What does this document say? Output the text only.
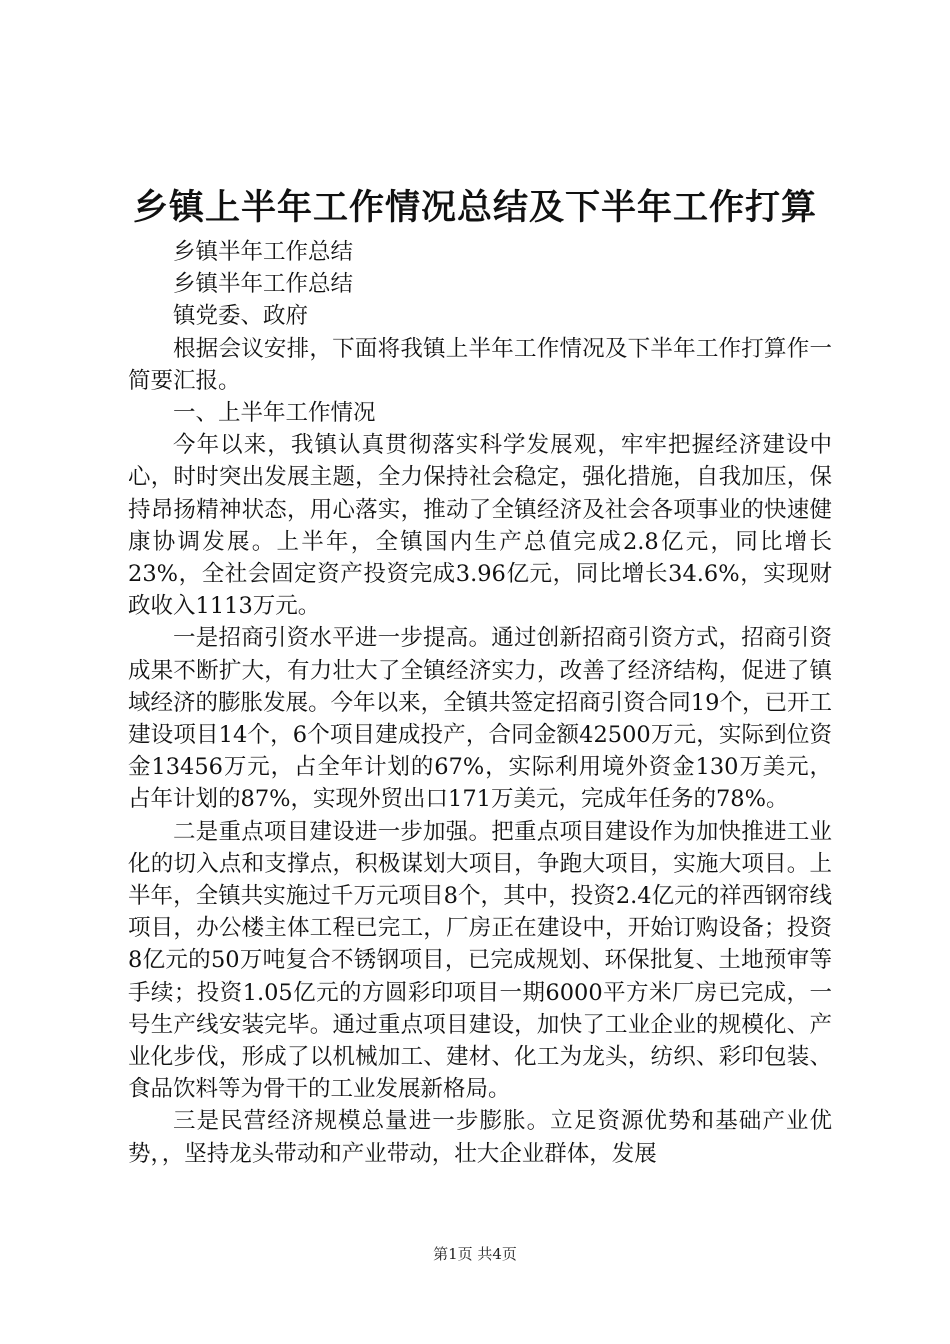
乡镇上半年工作情况总结及下半年工作打算

乡镇半年工作总结

乡镇半年工作总结

镇党委、政府

根据会议安排，下面将我镇上半年工作情况及下半年工作打算作一简要汇报。

一、上半年工作情况

今年以来，我镇认真贯彻落实科学发展观，牢牢把握经济建设中心，时时突出发展主题，全力保持社会稳定，强化措施，自我加压，保持昂扬精神状态，用心落实，推动了全镇经济及社会各项事业的快速健康协调发展。上半年，全镇国内生产总值完成2.8亿元，同比增长23%，全社会固定资产投资完成3.96亿元，同比增长34.6%，实现财政收入1113万元。

一是招商引资水平进一步提高。通过创新招商引资方式，招商引资成果不断扩大，有力壮大了全镇经济实力，改善了经济结构，促进了镇域经济的膨胀发展。今年以来，全镇共签定招商引资合同19个，已开工建设项目14个，6个项目建成投产，合同金额42500万元，实际到位资金13456万元，占全年计划的67%，实际利用境外资金130万美元，占年计划的87%，实现外贸出口171万美元，完成年任务的78%。

二是重点项目建设进一步加强。把重点项目建设作为加快推进工业化的切入点和支撑点，积极谋划大项目，争跑大项目，实施大项目。上半年，全镇共实施过千万元项目8个，其中，投资2.4亿元的祥西钢帘线项目，办公楼主体工程已完工，厂房正在建设中，开始订购设备；投资8亿元的50万吨复合不锈钢项目，已完成规划、环保批复、土地预审等手续；投资1.05亿元的方圆彩印项目一期6000平方米厂房已完成，一号生产线安装完毕。通过重点项目建设，加快了工业企业的规模化、产业化步伐，形成了以机械加工、建材、化工为龙头，纺织、彩印包装、食品饮料等为骨干的工业发展新格局。

三是民营经济规模总量进一步膨胀。立足资源优势和基础产业优势，，坚持龙头带动和产业带动，壮大企业群体，发展

第1页 共4页
